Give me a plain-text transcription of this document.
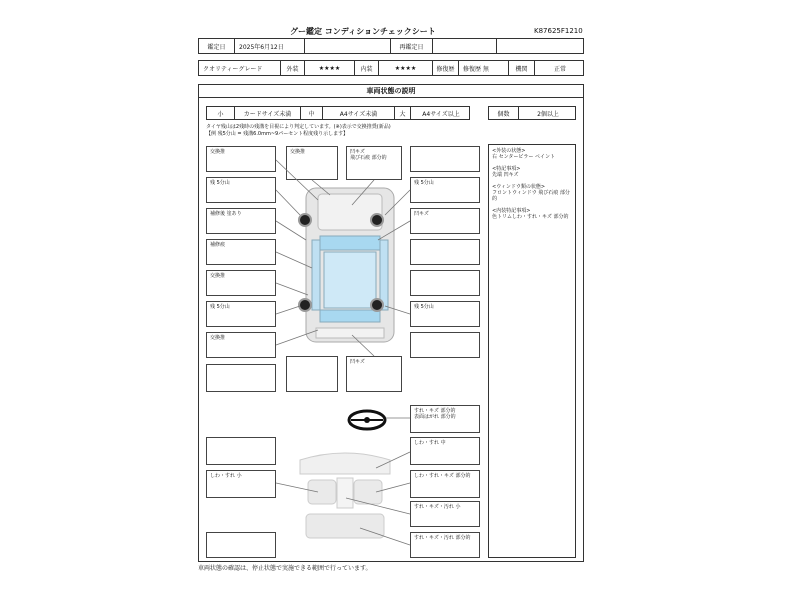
グー鑑定 コンディションチェックシート	K87625F1210
鑑定日	2025年6月12日	再鑑定日
クオリティーグレード	外装	★★★★	内装	★★★★	修復歴	修復歴 無	機関	正常
車両状態の説明
小	カードサイズ未満	中	A4サイズ未満	大	A4サイズ以上	個数	2個以上
タイヤ残山は2残時の残溝を目視により判定しています。(※)表示で交換推奨(新品)
【例 残5分山 = 残溝6.0mm~9パーセント程度残り示します】
<外装の状態>
右 センターピラー ペイント
<特記事項>
先端 凹キズ
<ウィンドウ類の状態>
フロントウィンドウ 飛び石痕 部分的
<内装特記事項>
色トリムしわ・すれ・キズ 部分的
交換推
残 5分山
補修後 塗あり
補修痕
交換推
残 5分山
交換推
交換推	凹キズ
飛び石痕 部分的
残 5分山
凹キズ
残 5分山
凹キズ
すれ・キズ 部分的
表面はがれ 部分的
しわ・すれ 小
しわ・すれ 中
しわ・すれ・キズ 部分的
すれ・キズ・汚れ 小
すれ・キズ・汚れ 部分的
車両状態の確認は、停止状態で実施できる範囲で行っています。
